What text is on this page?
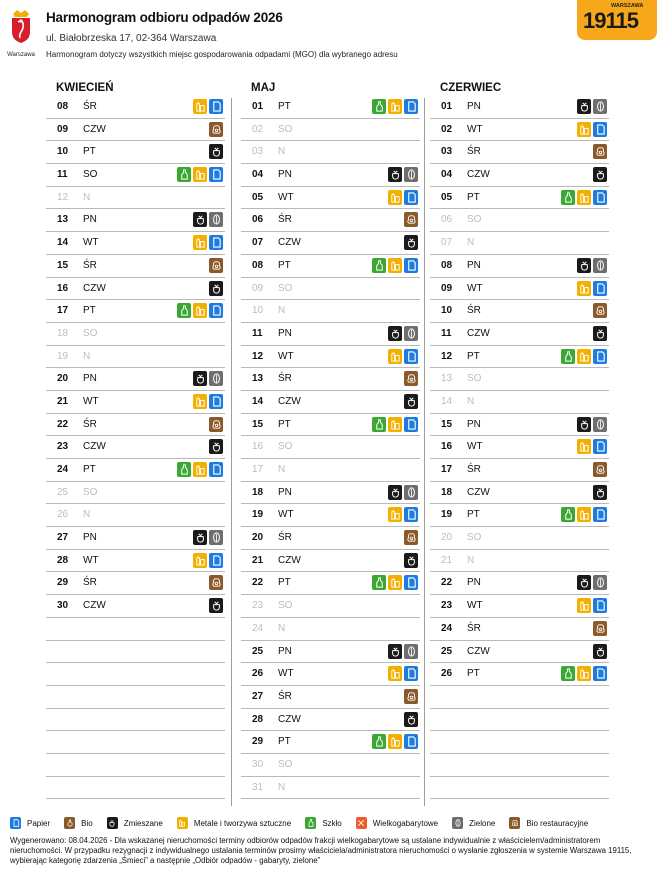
Warszawa
Harmonogram odbioru odpadów 2026
ul. Białobrzeska 17, 02-364 Warszawa
Harmonogram dotyczy wszystkich miejsc gospodarowania odpadami (MGO) dla wybranego adresu
WARSZAWA
19115
KWIECIEŃ
08 ŚR
09 CZW
10 PT
11 SO
12 N
13 PN
14 WT
15 ŚR
16 CZW
17 PT
18 SO
19 N
20 PN
21 WT
22 ŚR
23 CZW
24 PT
25 SO
26 N
27 PN
28 WT
29 ŚR
30 CZW
MAJ
01 PT
02 SO
03 N
04 PN
05 WT
06 ŚR
07 CZW
08 PT
09 SO
10 N
11 PN
12 WT
13 ŚR
14 CZW
15 PT
16 SO
17 N
18 PN
19 WT
20 ŚR
21 CZW
22 PT
23 SO
24 N
25 PN
26 WT
27 ŚR
28 CZW
29 PT
30 SO
31 N
CZERWIEC
01 PN
02 WT
03 ŚR
04 CZW
05 PT
06 SO
07 N
08 PN
09 WT
10 ŚR
11 CZW
12 PT
13 SO
14 N
15 PN
16 WT
17 ŚR
18 CZW
19 PT
20 SO
21 N
22 PN
23 WT
24 ŚR
25 CZW
26 PT
Papier	Bio	Zmieszane	Metale i tworzywa sztuczne	Szkło	Wielkogabarytowe	Zielone	Bio restauracyjne
Wygenerowano: 08.04.2026 - Dla wskazanej nieruchomości terminy odbiorów odpadów frakcji wielkogabarytowe są ustalane indywidualnie z właścicielem/administratorem
nieruchomości. W przypadku rezygnacji z indywidualnego ustalania terminów prosimy właściciela/administratora nieruchomości o wysłanie zgłoszenia w systemie Warszawa 19115,
wybierając kategorię zdarzenia „Śmieci” a następnie „Odbiór odpadów - gabaryty, zielone”
